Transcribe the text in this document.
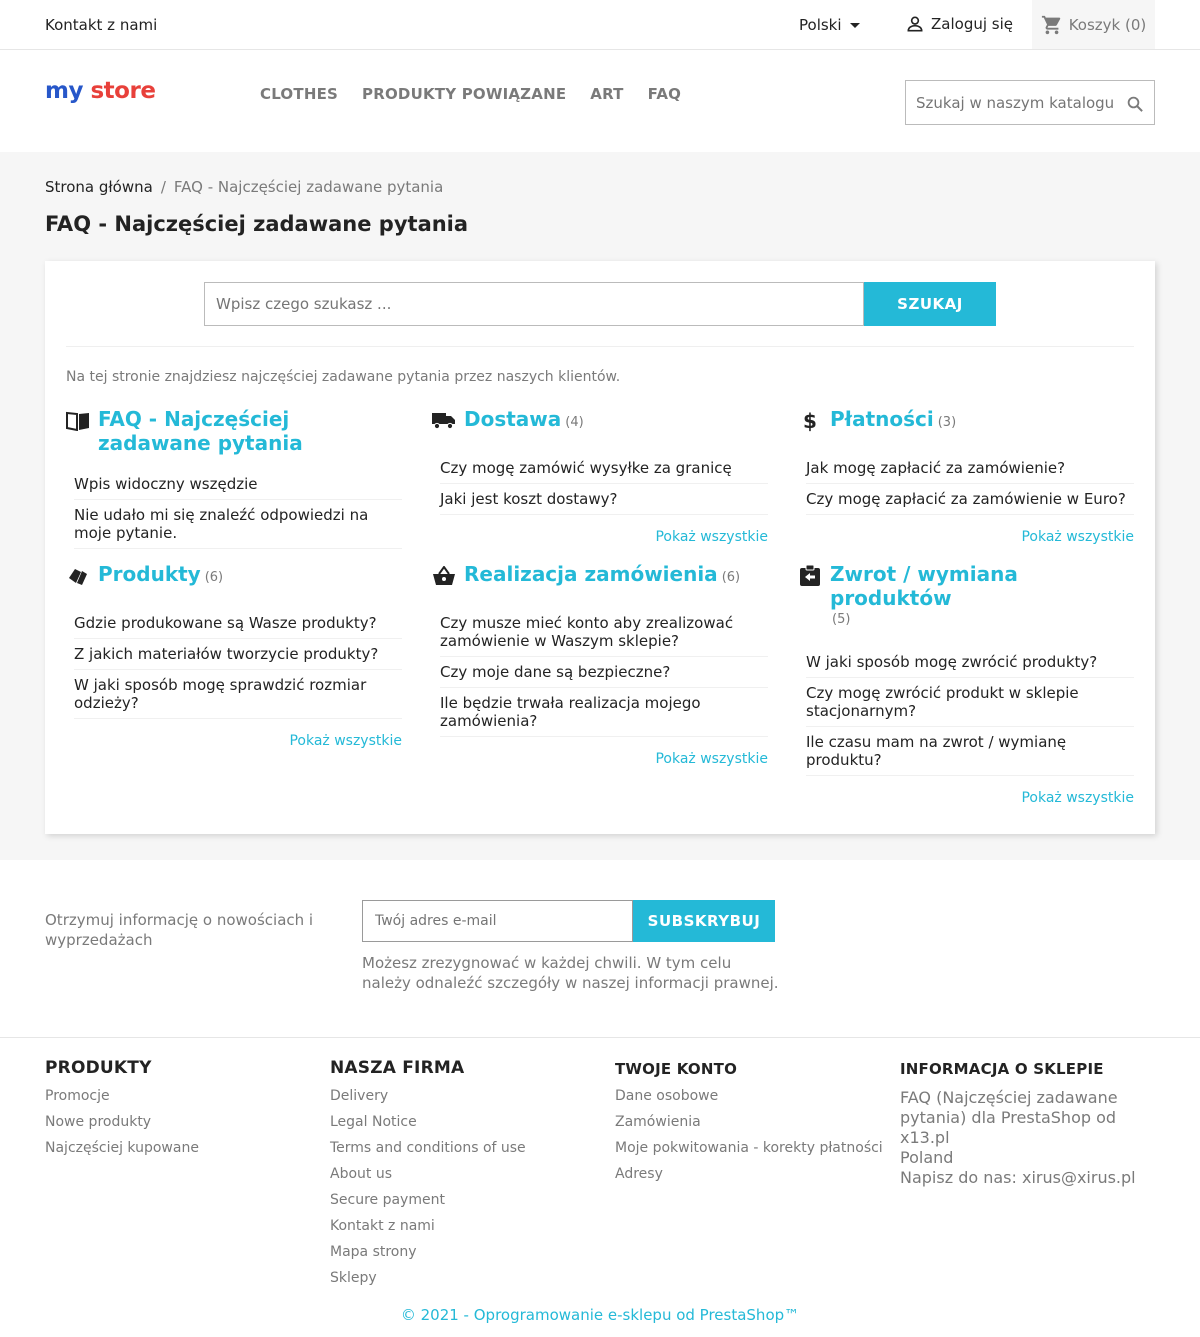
Kontakt z nami	Polski	Zaloguj się	Koszyk (0)
my store	CLOTHES PRODUKTY POWIĄZANE ART FAQ
Szukaj w naszym katalogu
Strona główna / FAQ - Najczęściej zadawane pytania
FAQ - Najczęściej zadawane pytania
Wpisz czego szukasz ...
SZUKAJ

Na tej stronie znajdziesz najczęściej zadawane pytania przez naszych klientów.

FAQ - Najczęściej zadawane pytania
Wpis widoczny wszędzie
Nie udało mi się znaleźć odpowiedzi na moje pytanie.
Dostawa (4)
Czy mogę zamówić wysyłke za granicę
Jaki jest koszt dostawy?
Pokaż wszystkie
$ Płatności (3)
Jak mogę zapłacić za zamówienie?
Czy mogę zapłacić za zamówienie w Euro?
Pokaż wszystkie
Produkty (6)
Gdzie produkowane są Wasze produkty?
Z jakich materiałów tworzycie produkty?
W jaki sposób mogę sprawdzić rozmiar odzieży?
Pokaż wszystkie
Realizacja zamówienia (6)
Czy musze mieć konto aby zrealizować zamówienie w Waszym sklepie?
Czy moje dane są bezpieczne?
Ile będzie trwała realizacja mojego zamówienia?
Pokaż wszystkie
Zwrot / wymiana produktów
(5)
W jaki sposób mogę zwrócić produkty?
Czy mogę zwrócić produkt w sklepie stacjonarnym?
Ile czasu mam na zwrot / wymianę produktu?
Pokaż wszystkie

Otrzymuj informację o nowościach i wyprzedażach

Twój adres e-mail
SUBSKRYBUJ

Możesz zrezygnować w każdej chwili. W tym celu należy odnaleźć szczegóły w naszej informacji prawnej.

PRODUKTY
Promocje
Nowe produkty
Najczęściej kupowane
NASZA FIRMA
Delivery
Legal Notice
Terms and conditions of use
About us
Secure payment
Kontakt z nami
Mapa strony
Sklepy
TWOJE KONTO
Dane osobowe
Zamówienia
Moje pokwitowania - korekty płatności
Adresy
INFORMACJA O SKLEPIE
FAQ (Najczęściej zadawane pytania) dla PrestaShop od x13.pl
Poland
Napisz do nas: xirus@xirus.pl
© 2021 - Oprogramowanie e-sklepu od PrestaShop™
